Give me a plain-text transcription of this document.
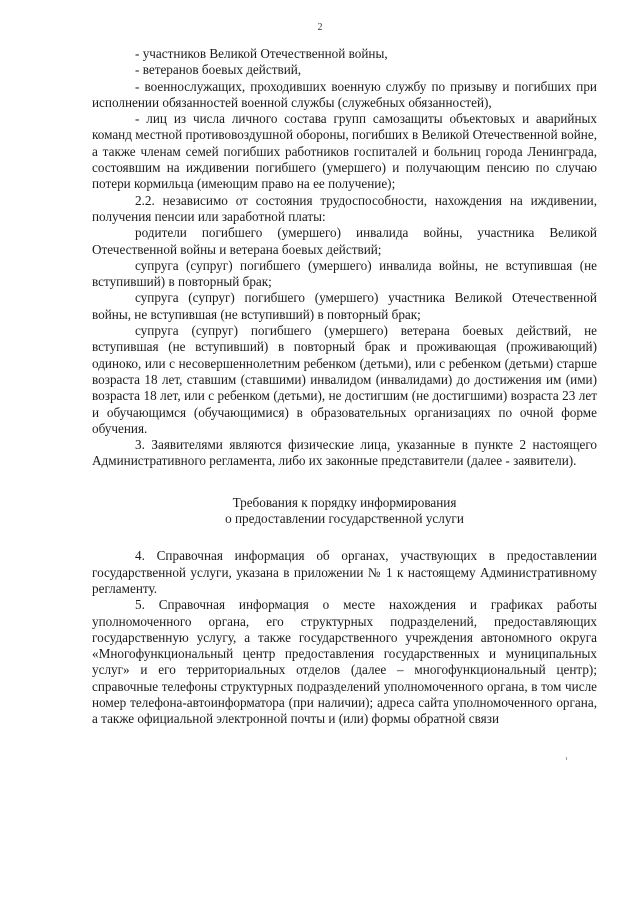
2

- участников Великой Отечественной войны,

- ветеранов боевых действий,

- военнослужащих, проходивших военную службу по призыву и погибших при исполнении обязанностей военной службы (служебных обязанностей),

- лиц из числа личного состава групп самозащиты объектовых и аварийных команд местной противовоздушной обороны, погибших в Великой Отечественной войне, а также членам семей погибших работников госпиталей и больниц города Ленинграда, состоявшим на иждивении погибшего (умершего) и получающим пенсию по случаю потери кормильца (имеющим право на ее получение);

2.2. независимо от состояния трудоспособности, нахождения на иждивении, получения пенсии или заработной платы:

родители погибшего (умершего) инвалида войны, участника Великой Отечественной войны и ветерана боевых действий;

супруга (супруг) погибшего (умершего) инвалида войны, не вступившая (не вступивший) в повторный брак;

супруга (супруг) погибшего (умершего) участника Великой Отечественной войны, не вступившая (не вступивший) в повторный брак;

супруга (супруг) погибшего (умершего) ветерана боевых действий, не вступившая (не вступивший) в повторный брак и проживающая (проживающий) одиноко, или с несовершеннолетним ребенком (детьми), или с ребенком (детьми) старше возраста 18 лет, ставшим (ставшими) инвалидом (инвалидами) до достижения им (ими) возраста 18 лет, или с ребенком (детьми), не достигшим (не достигшими) возраста 23 лет и обучающимся (обучающимися) в образовательных организациях по очной форме обучения.

3. Заявителями являются физические лица, указанные в пункте 2 настоящего Административного регламента, либо их законные представители (далее - заявители).

Требования к порядку информирования
о предоставлении государственной услуги

4. Справочная информация об органах, участвующих в предоставлении государственной услуги, указана в приложении № 1 к настоящему Административному регламенту.

5. Справочная информация о месте нахождения и графиках работы уполномоченного органа, его структурных подразделений, предоставляющих государственную услугу, а также государственного учреждения автономного округа «Многофункциональный центр предоставления государственных и муниципальных услуг» и его территориальных отделов (далее – многофункциональный центр); справочные телефоны структурных подразделений уполномоченного органа, в том числе номер телефона-автоинформатора (при наличии); адреса сайта уполномоченного органа, а также официальной электронной почты и (или) формы обратной связи
